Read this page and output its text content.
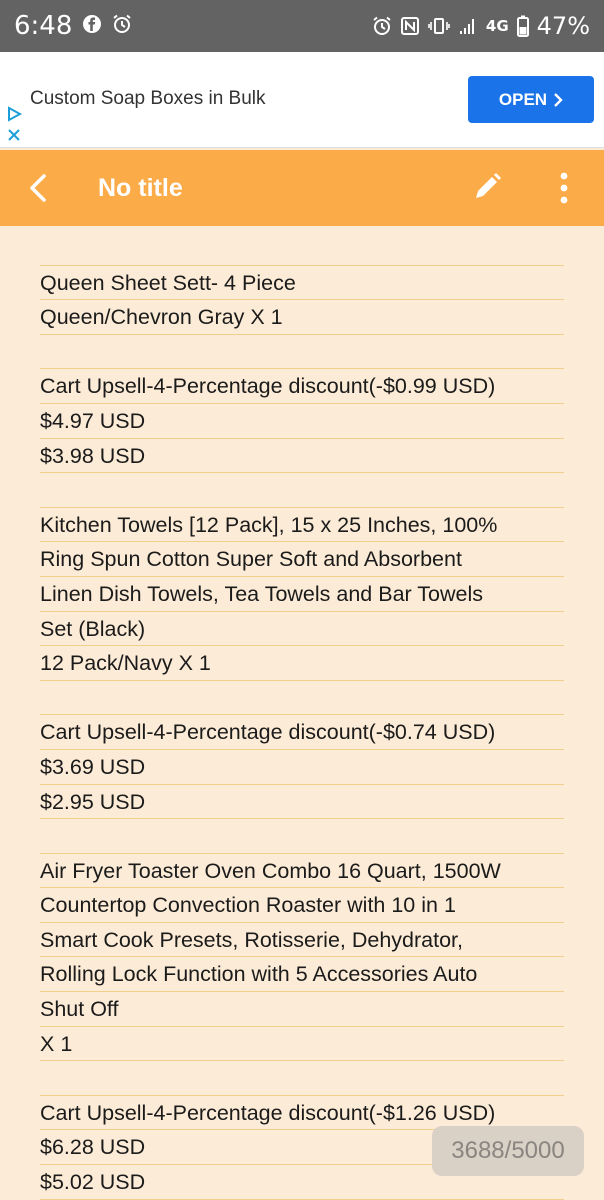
6:48	4G 47%
Custom Soap Boxes in Bulk	OPEN
No title
Queen Sheet Sett- 4 Piece
Queen/Chevron Gray X 1
Cart Upsell-4-Percentage discount(-$0.99 USD)
$4.97 USD
$3.98 USD
Kitchen Towels [12 Pack], 15 x 25 Inches, 100%
Ring Spun Cotton Super Soft and Absorbent
Linen Dish Towels, Tea Towels and Bar Towels
Set (Black)
12 Pack/Navy X 1
Cart Upsell-4-Percentage discount(-$0.74 USD)
$3.69 USD
$2.95 USD
Air Fryer Toaster Oven Combo 16 Quart, 1500W
Countertop Convection Roaster with 10 in 1
Smart Cook Presets, Rotisserie, Dehydrator,
Rolling Lock Function with 5 Accessories Auto
Shut Off
X 1
Cart Upsell-4-Percentage discount(-$1.26 USD)
$6.28 USD
$5.02 USD
3688/5000
